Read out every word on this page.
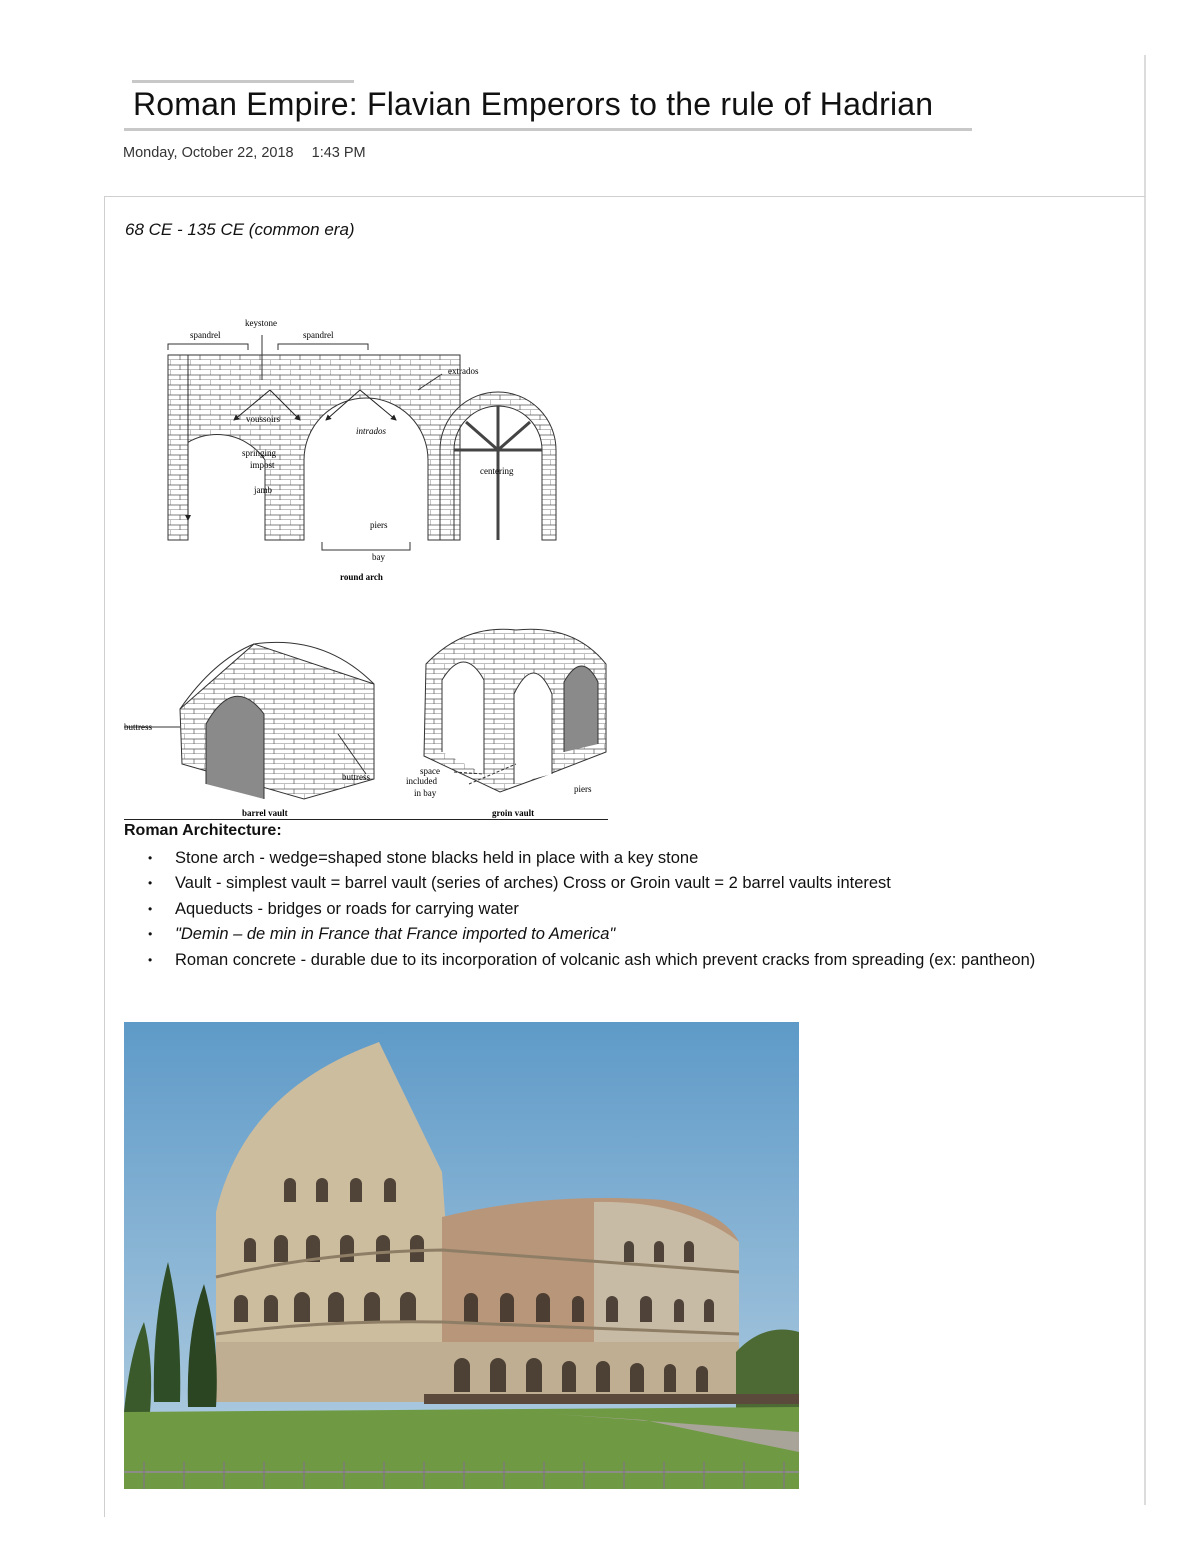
Roman Empire: Flavian Emperors to the rule of Hadrian
Monday, October 22, 2018 1:43 PM
68 CE - 135 CE (common era)
keystone
spandrel	spandrel
extrados
voussoirs
intrados
springing
impost
jamb
centering
piers
bay
round arch
buttress
buttress
barrel vault
space
included
in bay	piers
groin vault
Roman Architecture:
• Stone arch - wedge=shaped stone blacks held in place with a key stone
• Vault - simplest vault = barrel vault (series of arches) Cross or Groin vault = 2 barrel vaults interest
• Aqueducts - bridges or roads for carrying water
• "Demin – de min in France that France imported to America"
• Roman concrete - durable due to its incorporation of volcanic ash which prevent cracks from spreading (ex: pantheon)
